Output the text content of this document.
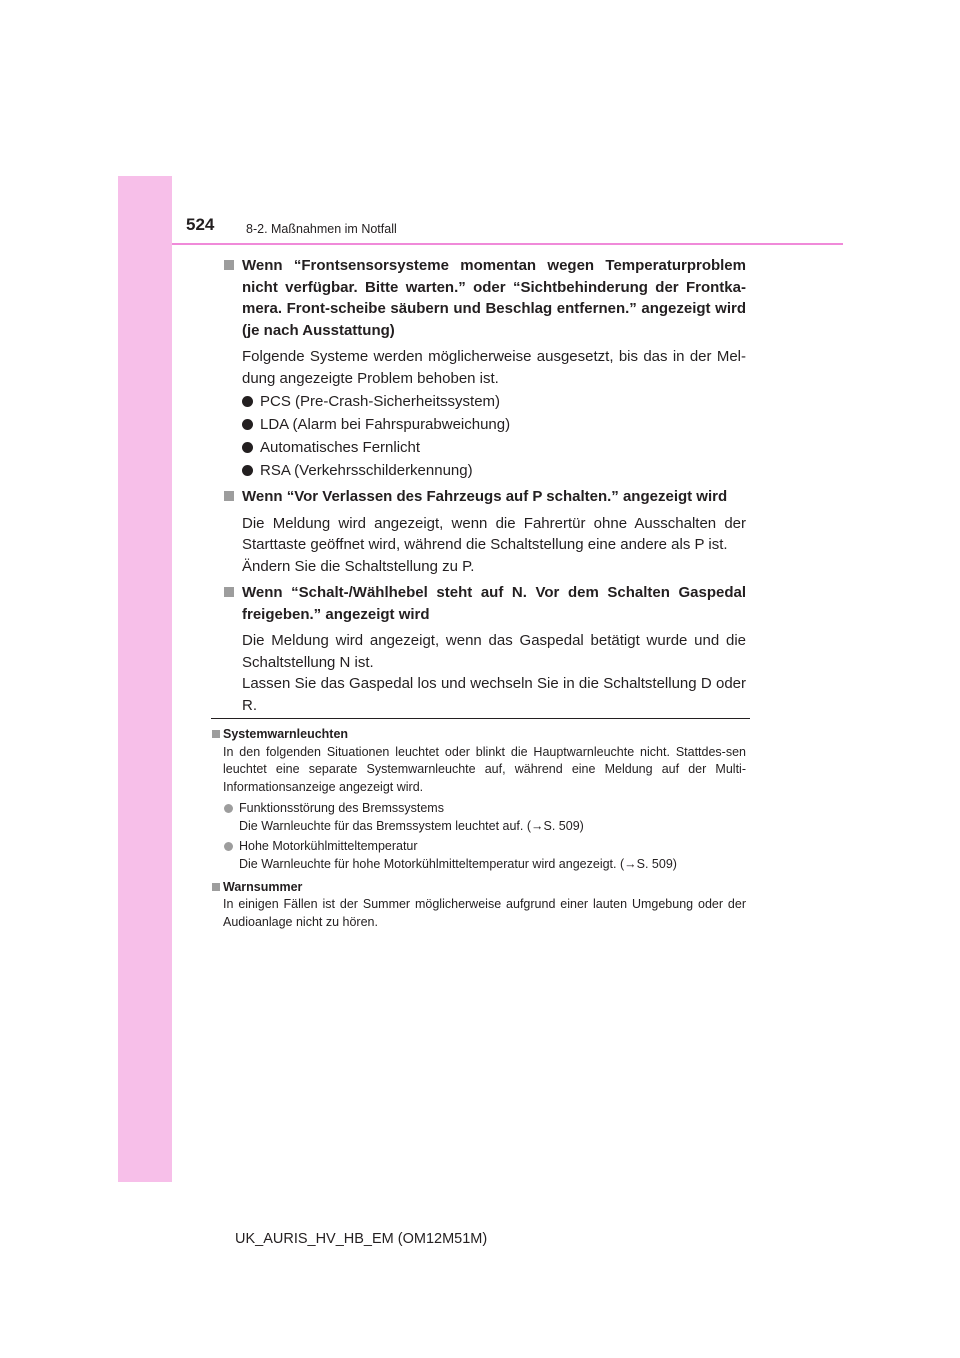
524	8-2. Maßnahmen im Notfall
Wenn “Frontsensorsysteme momentan wegen Temperaturproblem nicht verfügbar. Bitte warten.” oder “Sichtbehinderung der Frontka-mera. Front-scheibe säubern und Beschlag entfernen.” angezeigt wird (je nach Ausstattung)
Folgende Systeme werden möglicherweise ausgesetzt, bis das in der Mel-dung angezeigte Problem behoben ist.
PCS (Pre-Crash-Sicherheitssystem)
LDA (Alarm bei Fahrspurabweichung)
Automatisches Fernlicht
RSA (Verkehrsschilderkennung)
Wenn “Vor Verlassen des Fahrzeugs auf P schalten.” angezeigt wird
Die Meldung wird angezeigt, wenn die Fahrertür ohne Ausschalten der Starttaste geöffnet wird, während die Schaltstellung eine andere als P ist.
Ändern Sie die Schaltstellung zu P.
Wenn “Schalt-/Wählhebel steht auf N. Vor dem Schalten Gaspedal freigeben.” angezeigt wird
Die Meldung wird angezeigt, wenn das Gaspedal betätigt wurde und die Schaltstellung N ist.
Lassen Sie das Gaspedal los und wechseln Sie in die Schaltstellung D oder R.
Systemwarnleuchten
In den folgenden Situationen leuchtet oder blinkt die Hauptwarnleuchte nicht. Stattdes-sen leuchtet eine separate Systemwarnleuchte auf, während eine Meldung auf der Multi-Informationsanzeige angezeigt wird.
Funktionsstörung des Bremssystems
Die Warnleuchte für das Bremssystem leuchtet auf. (→S. 509)
Hohe Motorkühlmitteltemperatur
Die Warnleuchte für hohe Motorkühlmitteltemperatur wird angezeigt. (→S. 509)
Warnsummer
In einigen Fällen ist der Summer möglicherweise aufgrund einer lauten Umgebung oder der Audioanlage nicht zu hören.
UK_AURIS_HV_HB_EM (OM12M51M)
